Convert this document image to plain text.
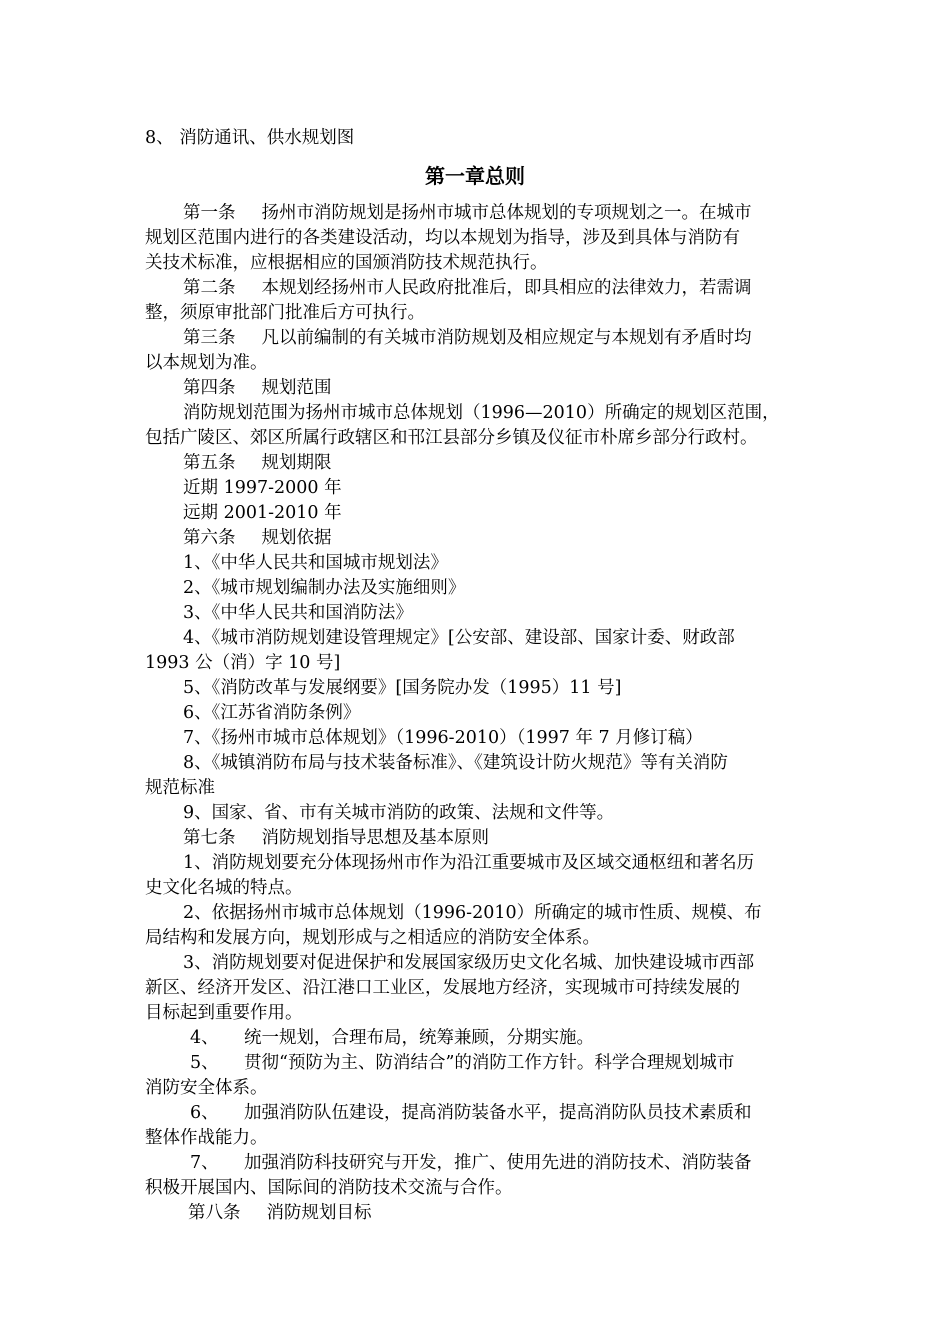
8、 消防通讯、供水规划图
第一章总则
第一条 扬州市消防规划是扬州市城市总体规划的专项规划之一。在城市
规划区范围内进行的各类建设活动，均以本规划为指导，涉及到具体与消防有
关技术标准，应根据相应的国颁消防技术规范执行。
第二条 本规划经扬州市人民政府批准后，即具相应的法律效力，若需调
整，须原审批部门批准后方可执行。
第三条 凡以前编制的有关城市消防规划及相应规定与本规划有矛盾时均
以本规划为准。
第四条 规划范围
消防规划范围为扬州市城市总体规划（1996—2010）所确定的规划区范围，
包括广陵区、郊区所属行政辖区和邗江县部分乡镇及仪征市朴席乡部分行政村。
第五条 规划期限
近期 1997-2000 年
远期 2001-2010 年
第六条 规划依据
1、《中华人民共和国城市规划法》
2、《城市规划编制办法及实施细则》
3、《中华人民共和国消防法》
4、《城市消防规划建设管理规定》[公安部、建设部、国家计委、财政部
1993 公（消）字 10 号]
5、《消防改革与发展纲要》[国务院办发（1995）11 号]
6、《江苏省消防条例》
7、《扬州市城市总体规划》（1996-2010）（1997 年 7 月修订稿）
8、《城镇消防布局与技术装备标准》、《建筑设计防火规范》等有关消防
规范标准
9、国家、省、市有关城市消防的政策、法规和文件等。
第七条 消防规划指导思想及基本原则
1、消防规划要充分体现扬州市作为沿江重要城市及区域交通枢纽和著名历
史文化名城的特点。
2、依据扬州市城市总体规划（1996-2010）所确定的城市性质、规模、布
局结构和发展方向，规划形成与之相适应的消防安全体系。
3、消防规划要对促进保护和发展国家级历史文化名城、加快建设城市西部
新区、经济开发区、沿江港口工业区，发展地方经济，实现城市可持续发展的
目标起到重要作用。
4、 统一规划，合理布局，统筹兼顾，分期实施。
5、 贯彻“预防为主、防消结合”的消防工作方针。科学合理规划城市
消防安全体系。
6、 加强消防队伍建设，提高消防装备水平，提高消防队员技术素质和
整体作战能力。
7、 加强消防科技研究与开发，推广、使用先进的消防技术、消防装备
积极开展国内、国际间的消防技术交流与合作。
第八条 消防规划目标
